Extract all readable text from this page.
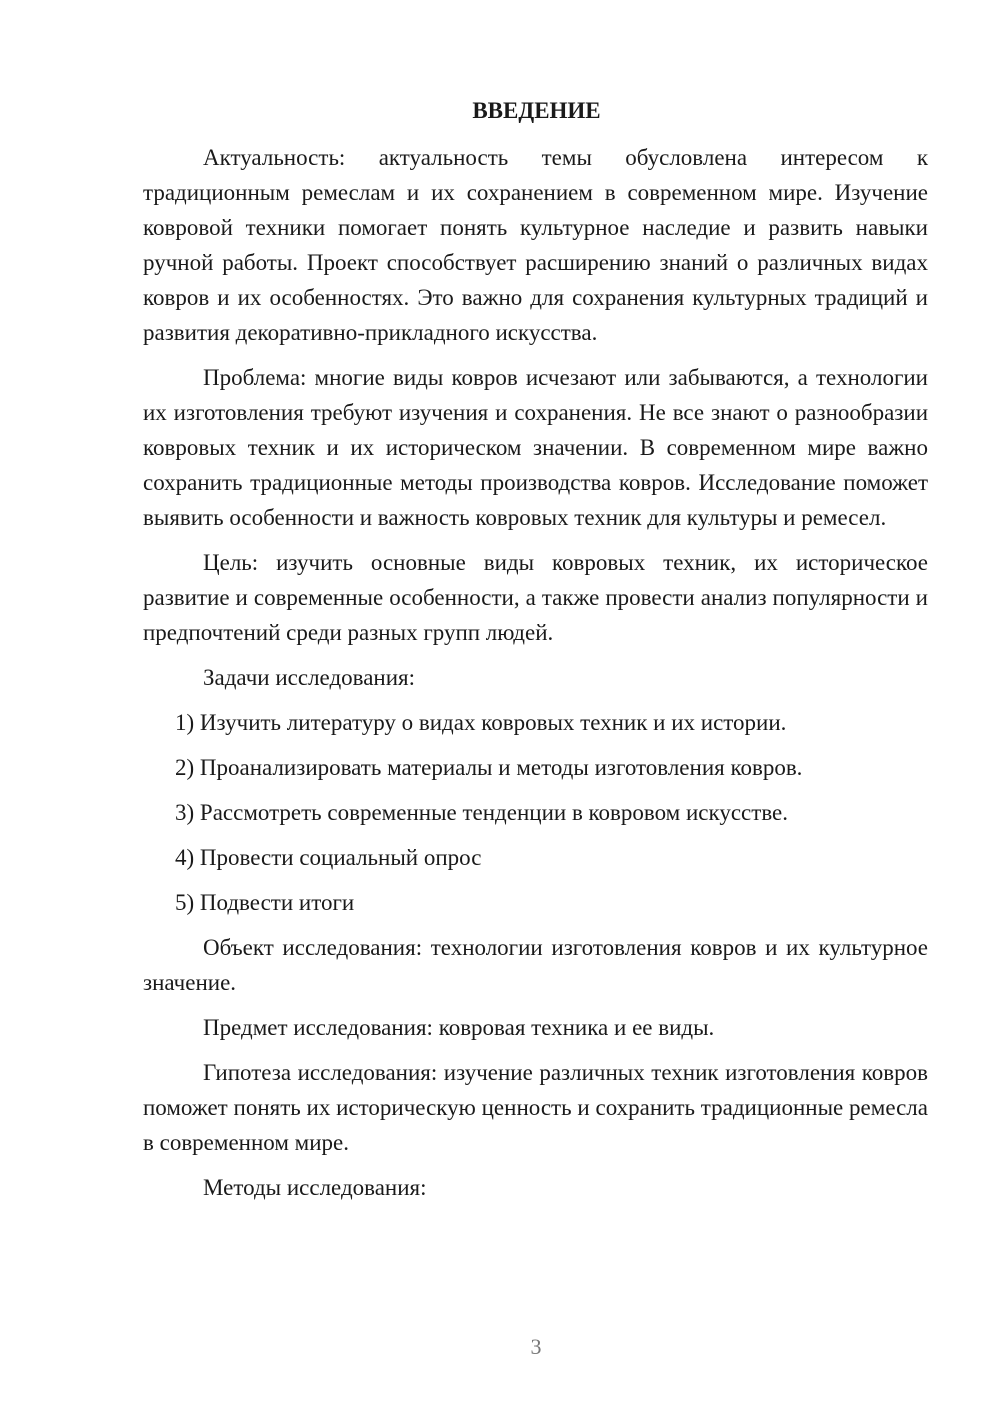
ВВЕДЕНИЕ

Актуальность: актуальность темы обусловлена интересом к традиционным ремеслам и их сохранением в современном мире. Изучение ковровой техники помогает понять культурное наследие и развить навыки ручной работы. Проект способствует расширению знаний о различных видах ковров и их особенностях. Это важно для сохранения культурных традиций и развития декоративно-прикладного искусства.

Проблема: многие виды ковров исчезают или забываются, а технологии их изготовления требуют изучения и сохранения. Не все знают о разнообразии ковровых техник и их историческом значении. В современном мире важно сохранить традиционные методы производства ковров. Исследование поможет выявить особенности и важность ковровых техник для культуры и ремесел.

Цель: изучить основные виды ковровых техник, их историческое развитие и современные особенности, а также провести анализ популярности и предпочтений среди разных групп людей.

Задачи исследования:

1) Изучить литературу о видах ковровых техник и их истории.
2) Проанализировать материалы и методы изготовления ковров.
3) Рассмотреть современные тенденции в ковровом искусстве.
4) Провести социальный опрос
5) Подвести итоги

Объект исследования: технологии изготовления ковров и их культурное значение.

Предмет исследования: ковровая техника и ее виды.

Гипотеза исследования: изучение различных техник изготовления ковров поможет понять их историческую ценность и сохранить традиционные ремесла в современном мире.

Методы исследования:

3
